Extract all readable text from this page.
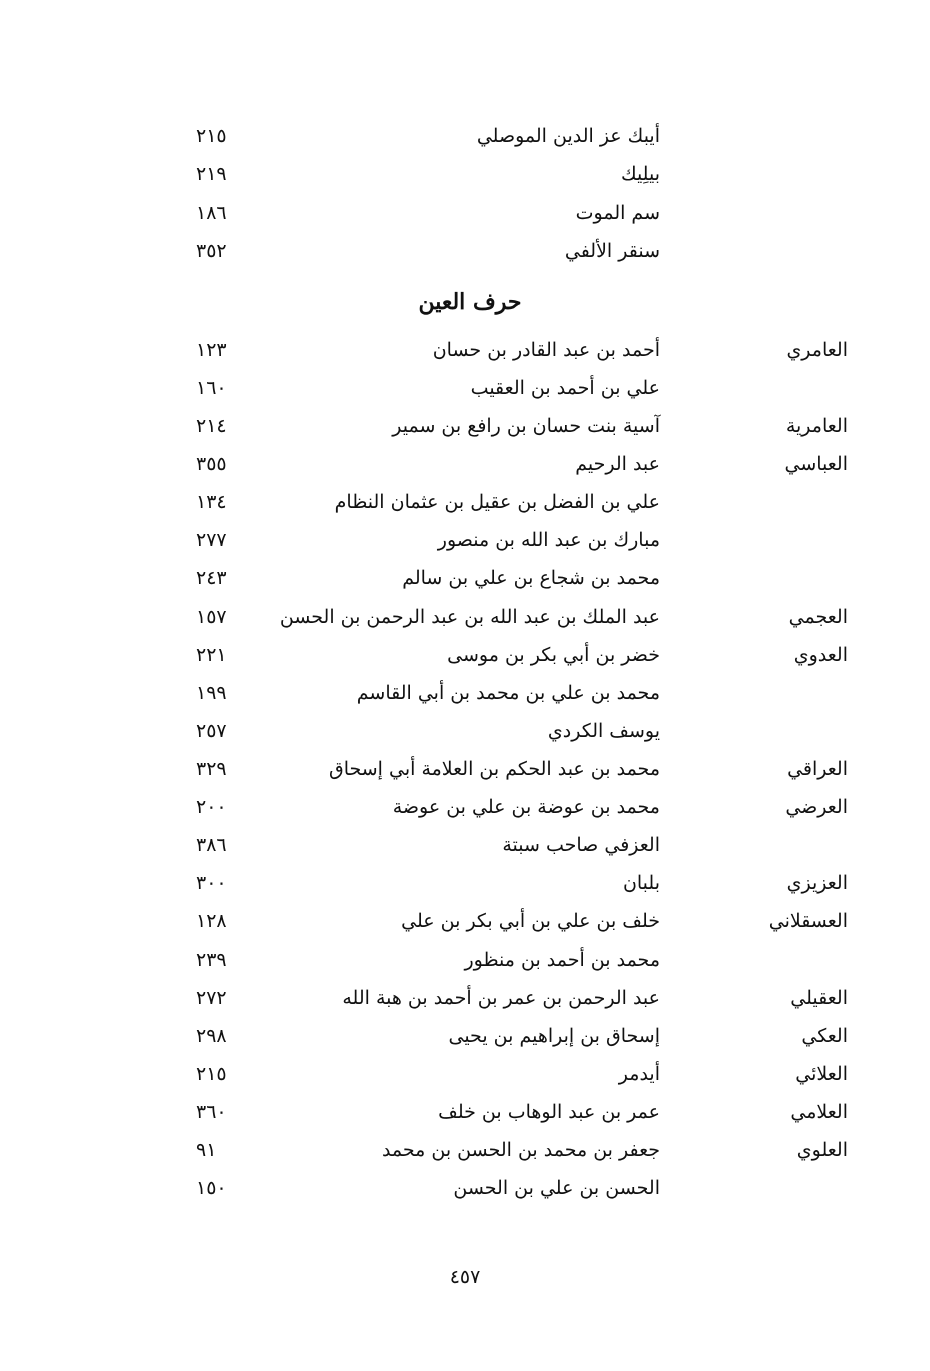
أيبك عز الدين الموصلي
٢١٥
بيلِيك
٢١٩
سم الموت
١٨٦
سنقر الألفي
٣٥٢
حرف العين
العامري
أحمد بن عبد القادر بن حسان
١٢٣
علي بن أحمد بن العقيب
١٦٠
العامرية
آسية بنت حسان بن رافع بن سمير
٢١٤
العباسي
عبد الرحيم
٣٥٥
علي بن الفضل بن عقيل بن عثمان النظام
١٣٤
مبارك بن عبد الله بن منصور
٢٧٧
محمد بن شجاع بن علي بن سالم
٢٤٣
العجمي
عبد الملك بن عبد الله بن عبد الرحمن بن الحسن
١٥٧
العدوي
خضر بن أبي بكر بن موسى
٢٢١
محمد بن علي بن محمد بن أبي القاسم
١٩٩
يوسف الكردي
٢٥٧
العراقي
محمد بن عبد الحكم بن العلامة أبي إسحاق
٣٢٩
العرضي
محمد بن عوضة بن علي بن عوضة
٢٠٠
العزفي صاحب سبتة
٣٨٦
العزيزي
بلبان
٣٠٠
العسقلاني
خلف بن علي بن أبي بكر بن علي
١٢٨
محمد بن أحمد بن منظور
٢٣٩
العقيلي
عبد الرحمن بن عمر بن أحمد بن هبة الله
٢٧٢
العكي
إسحاق بن إبراهيم بن يحيى
٢٩٨
العلائي
أيدمر
٢١٥
العلامي
عمر بن عبد الوهاب بن خلف
٣٦٠
العلوي
جعفر بن محمد بن الحسن بن محمد
٩١
الحسن بن علي بن الحسن
١٥٠
٤٥٧
